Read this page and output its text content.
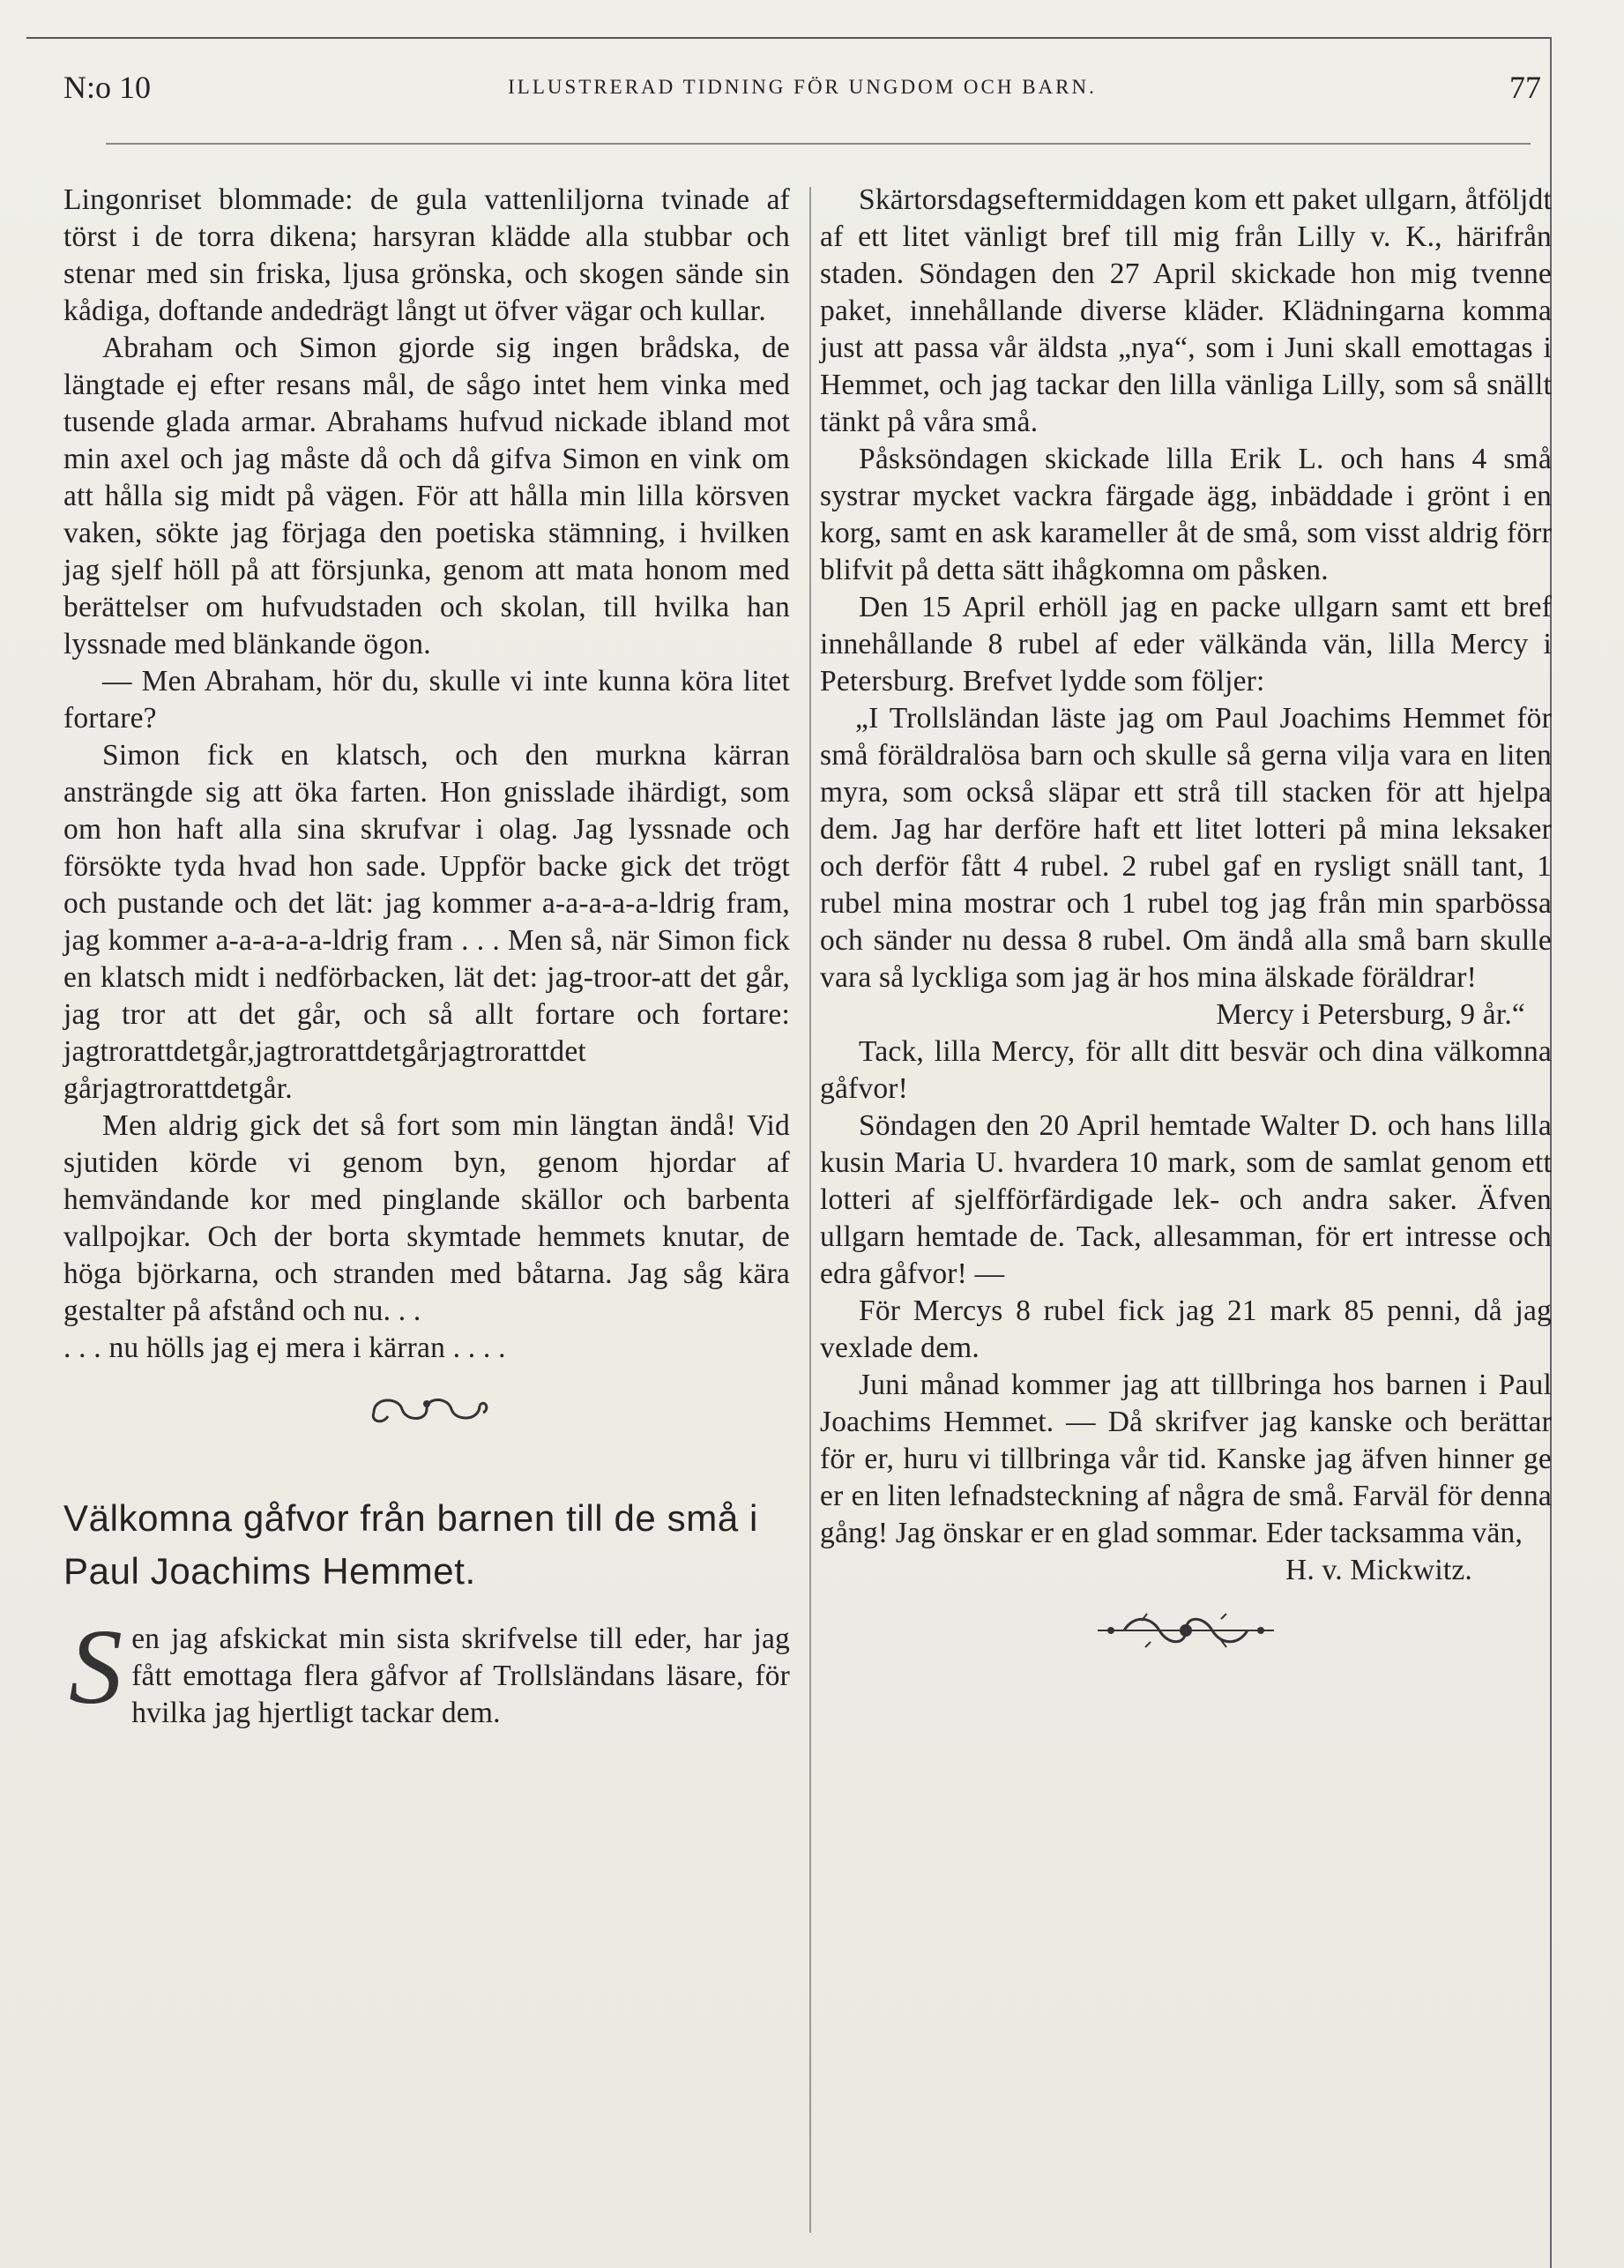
N:o 10	ILLUSTRERAD TIDNING FÖR UNGDOM OCH BARN.	77

Lingonriset blommade: de gula vattenliljorna tvinade af törst i de torra dikena; harsyran klädde alla stubbar och stenar med sin friska, ljusa grönska, och skogen sände sin kådiga, doftande andedrägt långt ut öfver vägar och kullar.

Abraham och Simon gjorde sig ingen brådska, de längtade ej efter resans mål, de sågo intet hem vinka med tusende glada armar. Abrahams hufvud nickade ibland mot min axel och jag måste då och då gifva Simon en vink om att hålla sig midt på vägen. För att hålla min lilla körsven vaken, sökte jag förjaga den poetiska stämning, i hvilken jag sjelf höll på att försjunka, genom att mata honom med berättelser om hufvudstaden och skolan, till hvilka han lyssnade med blänkande ögon.

— Men Abraham, hör du, skulle vi inte kunna köra litet fortare?

Simon fick en klatsch, och den murkna kärran ansträngde sig att öka farten. Hon gnisslade ihärdigt, som om hon haft alla sina skrufvar i olag. Jag lyssnade och försökte tyda hvad hon sade. Uppför backe gick det trögt och pustande och det lät: jag kommer a-a-a-a-a-ldrig fram, jag kommer a-a-a-a-a-ldrig fram . . . Men så, när Simon fick en klatsch midt i nedförbacken, lät det: jag-troor-att det går, jag tror att det går, och så allt fortare och fortare: jagtrorattdetgår,jagtrorattdetgårjagtrorattdet gårjagtrorattdetgår.

Men aldrig gick det så fort som min längtan ändå! Vid sjutiden körde vi genom byn, genom hjordar af hemvändande kor med pinglande skällor och barbenta vallpojkar. Och der borta skymtade hemmets knutar, de höga björkarna, och stranden med båtarna. Jag såg kära gestalter på afstånd och nu. . .

. . . nu hölls jag ej mera i kärran . . . .

Välkomna gåfvor från barnen till de små i Paul Joachims Hemmet.

Sen jag afskickat min sista skrifvelse till eder, har jag fått emottaga flera gåfvor af Trollsländans läsare, för hvilka jag hjertligt tackar dem.

Skärtorsdagseftermiddagen kom ett paket ullgarn, åtföljdt af ett litet vänligt bref till mig från Lilly v. K., härifrån staden. Söndagen den 27 April skickade hon mig tvenne paket, innehållande diverse kläder. Klädningarna komma just att passa vår äldsta „nya“, som i Juni skall emottagas i Hemmet, och jag tackar den lilla vänliga Lilly, som så snällt tänkt på våra små.

Påsksöndagen skickade lilla Erik L. och hans 4 små systrar mycket vackra färgade ägg, inbäddade i grönt i en korg, samt en ask karameller åt de små, som visst aldrig förr blifvit på detta sätt ihågkomna om påsken.

Den 15 April erhöll jag en packe ullgarn samt ett bref innehållande 8 rubel af eder välkända vän, lilla Mercy i Petersburg. Brefvet lydde som följer:

„I Trollsländan läste jag om Paul Joachims Hemmet för små föräldralösa barn och skulle så gerna vilja vara en liten myra, som också släpar ett strå till stacken för att hjelpa dem. Jag har derföre haft ett litet lotteri på mina leksaker och derför fått 4 rubel. 2 rubel gaf en rysligt snäll tant, 1 rubel mina mostrar och 1 rubel tog jag från min sparbössa och sänder nu dessa 8 rubel. Om ändå alla små barn skulle vara så lyckliga som jag är hos mina älskade föräldrar!

Mercy i Petersburg, 9 år.“

Tack, lilla Mercy, för allt ditt besvär och dina välkomna gåfvor!

Söndagen den 20 April hemtade Walter D. och hans lilla kusin Maria U. hvardera 10 mark, som de samlat genom ett lotteri af sjelfförfärdigade lek- och andra saker. Äfven ullgarn hemtade de. Tack, allesamman, för ert intresse och edra gåfvor! —

För Mercys 8 rubel fick jag 21 mark 85 penni, då jag vexlade dem.

Juni månad kommer jag att tillbringa hos barnen i Paul Joachims Hemmet. — Då skrifver jag kanske och berättar för er, huru vi tillbringa vår tid. Kanske jag äfven hinner ge er en liten lefnadsteckning af några de små. Farväl för denna gång! Jag önskar er en glad sommar. Eder tacksamma vän,

H. v. Mickwitz.
